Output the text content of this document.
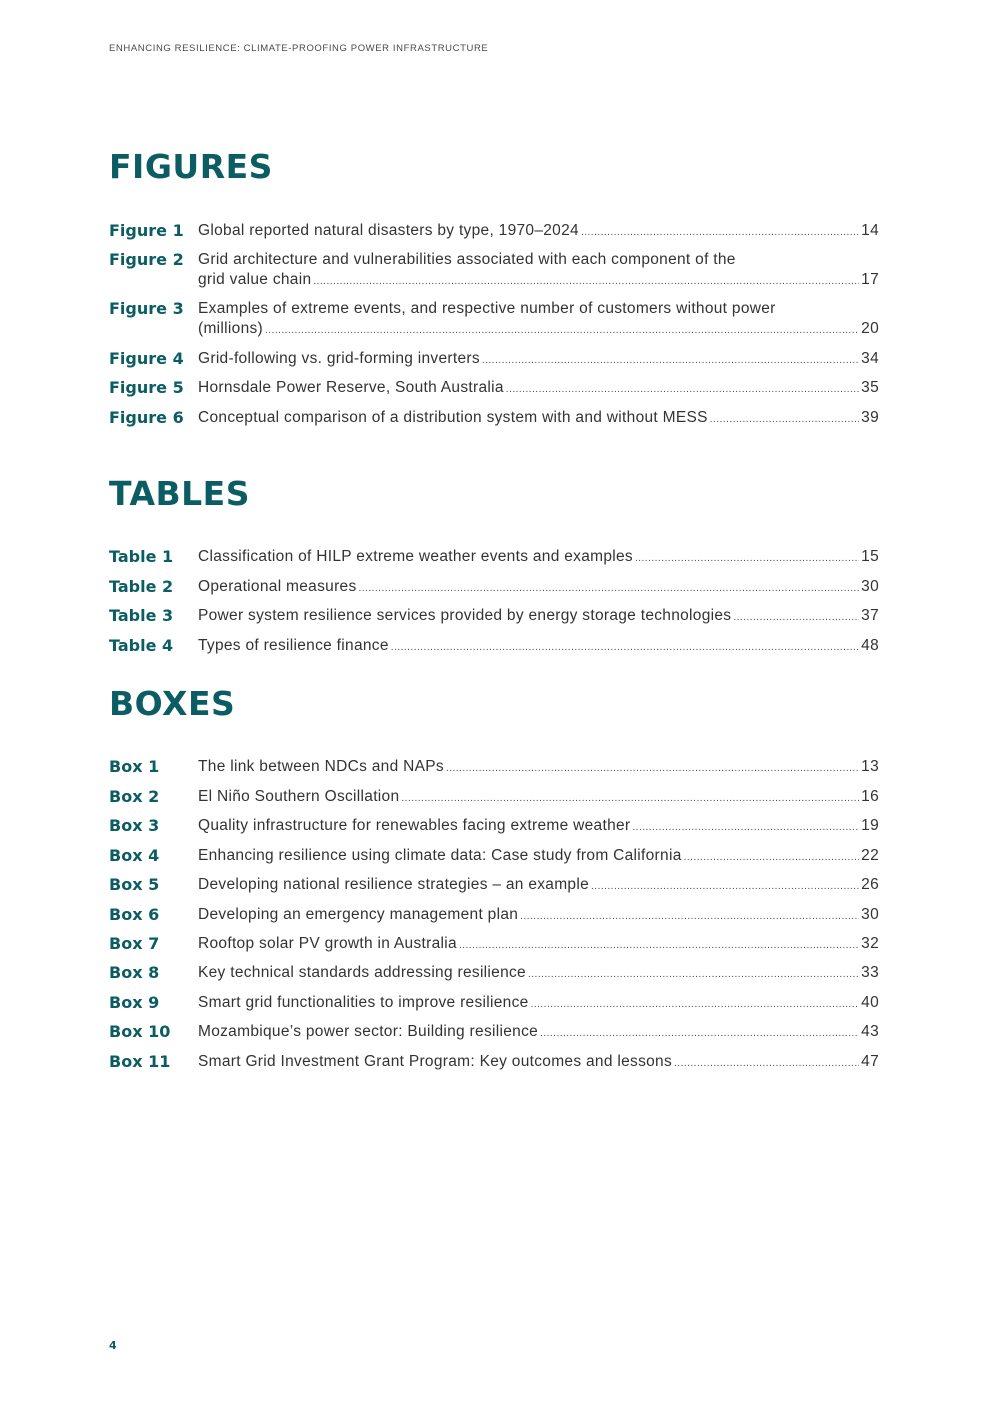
ENHANCING RESILIENCE: CLIMATE-PROOFING POWER INFRASTRUCTURE
FIGURES
Figure 1 Global reported natural disasters by type, 1970–2024 .....	14
Figure 2 Grid architecture and vulnerabilities associated with each component of the
grid value chain .....	17
Figure 3 Examples of extreme events, and respective number of customers without power
(millions) .....	20
Figure 4 Grid-following vs. grid-forming inverters .....	34
Figure 5 Hornsdale Power Reserve, South Australia .....	35
Figure 6 Conceptual comparison of a distribution system with and without MESS .....	39
TABLES
Table 1 Classification of HILP extreme weather events and examples .....	15
Table 2 Operational measures .....	30
Table 3 Power system resilience services provided by energy storage technologies .....	37
Table 4 Types of resilience finance .....	48
BOXES
Box 1	The link between NDCs and NAPs .....	13
Box 2	El Niño Southern Oscillation .....	16
Box 3	Quality infrastructure for renewables facing extreme weather .....	19
Box 4	Enhancing resilience using climate data: Case study from California .....	22
Box 5	Developing national resilience strategies – an example .....	26
Box 6	Developing an emergency management plan .....	30
Box 7	Rooftop solar PV growth in Australia .....	32
Box 8	Key technical standards addressing resilience .....	33
Box 9	Smart grid functionalities to improve resilience .....	40
Box 10 Mozambique’s power sector: Building resilience .....	43
Box 11 Smart Grid Investment Grant Program: Key outcomes and lessons .....	47
4
